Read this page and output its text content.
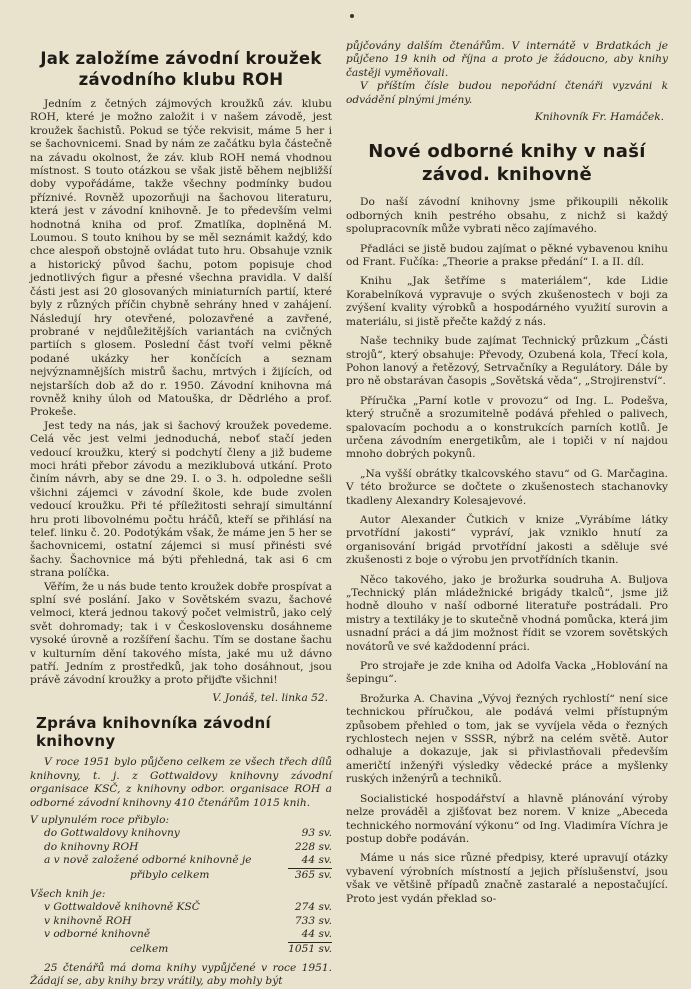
Jak založíme závodní kroužek závodního klubu ROH

Jedním z četných zájmových kroužků záv. klubu ROH, které je možno založit i v našem závodě, jest kroužek šachistů. Pokud se týče rekvisit, máme 5 her i se šachovnicemi. Snad by nám ze začátku byla částečně na závadu okolnost, že záv. klub ROH nemá vhodnou místnost. S touto otázkou se však jistě během nejbližší doby vypořádáme, takže všechny podmínky budou příznivé. Rovněž upozorňuji na šachovou literaturu, která jest v závodní knihovně. Je to především velmi hodnotná kniha od prof. Zmatlíka, doplněná M. Loumou. S touto knihou by se měl seznámit každý, kdo chce alespoň obstojně ovládat tuto hru. Obsahuje vznik a historický původ šachu, potom popisuje chod jednotlivých figur a přesné všechna pravidla. V další části jest asi 20 glosovaných miniaturních partií, které byly z různých příčin chybně sehrány hned v zahájení. Následují hry otevřené, polozavřené a zavřené, probrané v nejdůležitějších variantách na cvičných partiích s glosem. Poslední část tvoří velmi pěkně podané ukázky her končících a seznam nejvýznamnějších mistrů šachu, mrtvých i žijících, od nejstarších dob až do r. 1950. Závodní knihovna má rovněž knihy úloh od Matouška, dr Dědrlého a prof. Prokeše.

Jest tedy na nás, jak si šachový kroužek povedeme. Celá věc jest velmi jednoduchá, neboť stačí jeden vedoucí kroužku, který si podchytí členy a již budeme moci hráti přebor závodu a meziklubová utkání. Proto činím návrh, aby se dne 29. I. o 3. h. odpoledne sešli všichni zájemci v závodní škole, kde bude zvolen vedoucí kroužku. Při té příležitosti sehrají simultánní hru proti libovolnému počtu hráčů, kteří se přihlásí na telef. linku č. 20. Podotýkám však, že máme jen 5 her se šachovnicemi, ostatní zájemci si musí přinésti své šachy. Šachovnice má býti přehledná, tak asi 6 cm strana políčka.

Věřím, že u nás bude tento kroužek dobře prospívat a splní své poslání. Jako v Sovětském svazu, šachové velmoci, která jednou takový počet velmistrů, jako celý svět dohromady; tak i v Československu dosáhneme vysoké úrovně a rozšíření šachu. Tím se dostane šachu v kulturním dění takového místa, jaké mu už dávno patří. Jedním z prostředků, jak toho dosáhnout, jsou právě závodní kroužky a proto přijďte všichni!

V. Jonáš, tel. linka 52.
Zpráva knihovníka závodní knihovny

V roce 1951 bylo půjčeno celkem ze všech třech dílů knihovny, t. j. z Gottwaldovy knihovny závodní organisace KSČ, z knihovny odbor. organisace ROH a odborné závodní knihovny 410 čtenářům 1015 knih.

V uplynulém roce přibylo:
do Gottwaldovy knihovny	93 sv.
do knihovny ROH	228 sv.
a v nově založené odborné knihovně je	44 sv.
přibylo celkem	365 sv.
Všech knih je:
v Gottwaldově knihovně KSČ	274 sv.
v knihovně ROH	733 sv.
v odborné knihovně	44 sv.
celkem	1051 sv.

25 čtenářů má doma knihy vypůjčené v roce 1951. Žádají se, aby knihy brzy vrátily, aby mohly být

půjčovány dalším čtenářům. V internátě v Brdatkách je půjčeno 19 knih od října a proto je žádoucno, aby knihy častěji vyměňovali.

V příštím čísle budou nepořádní čtenáři vyzváni k odvádění plnými jmény.

Knihovník Fr. Hamáček.
Nové odborné knihy v naší závod. knihovně

Do naší závodní knihovny jsme přikoupili několik odborných knih pestrého obsahu, z nichž si každý spolupracovník může vybrati něco zajímavého.

Přadláci se jistě budou zajímat o pěkné vybavenou knihu od Frant. Fučíka: „Theorie a prakse předání“ I. a II. díl.

Knihu „Jak šetříme s materiálem“, kde Lidie Korabelníková vypravuje o svých zkušenostech v boji za zvýšení kvality výrobků a hospodárného využití surovin a materiálu, si jistě přečte každý z nás.

Naše techniky bude zajímat Technický průzkum „Části strojů“, který obsahuje: Převody, Ozubená kola, Třecí kola, Pohon lanový a řetězový, Setrvačníky a Regulátory. Dále by pro ně obstarávan časopis „Sovětská věda“, „Strojirenství“.

Příručka „Parní kotle v provozu“ od Ing. L. Podešva, který stručně a srozumitelně podává přehled o palivech, spalovacím pochodu a o konstrukcích parních kotlů. Je určena závodním energetikům, ale i topiči v ní najdou mnoho dobrých pokynů.

„Na vyšší obrátky tkalcovského stavu“ od G. Marčagina. V této brožurce se dočtete o zkušenostech stachanovky tkadleny Alexandry Kolesajevové.

Autor Alexander Čutkich v knize „Vyrábíme látky prvotřídní jakosti“ vypráví, jak vzniklo hnutí za organisování brigád prvotřídní jakosti a sděluje své zkušenosti z boje o výrobu jen prvotřídních tkanin.

Něco takového, jako je brožurka soudruha A. Buljova „Technický plán mládežnické brigády tkalců“, jsme již hodně dlouho v naší odborné literatuře postrádali. Pro mistry a textiláky je to skutečně vhodná pomůcka, která jim usnadní práci a dá jim možnost řídit se vzorem sovětských novátorů ve své každodenní práci.

Pro strojaře je zde kniha od Adolfa Vacka „Hoblování na šepingu“.

Brožurka A. Chavina „Vývoj řezných rychlostí“ není sice technickou příručkou, ale podává velmi přístupným způsobem přehled o tom, jak se vyvíjela věda o řezných rychlostech nejen v SSSR, nýbrž na celém světě. Autor odhaluje a dokazuje, jak si přivlastňovali především američtí inženýři výsledky vědecké práce a myšlenky ruských inženýrů a techniků.

Socialistické hospodářství a hlavně plánování výroby nelze prováděl a zjišťovat bez norem. V knize „Abeceda technického normování výkonu“ od Ing. Vladimíra Víchra je postup dobře podáván.

Máme u nás sice různé předpisy, které upravují otázky vybavení výrobních místností a jejich příslušenství, jsou však ve většině případů značně zastaralé a nepostačující. Proto jest vydán překlad so-
